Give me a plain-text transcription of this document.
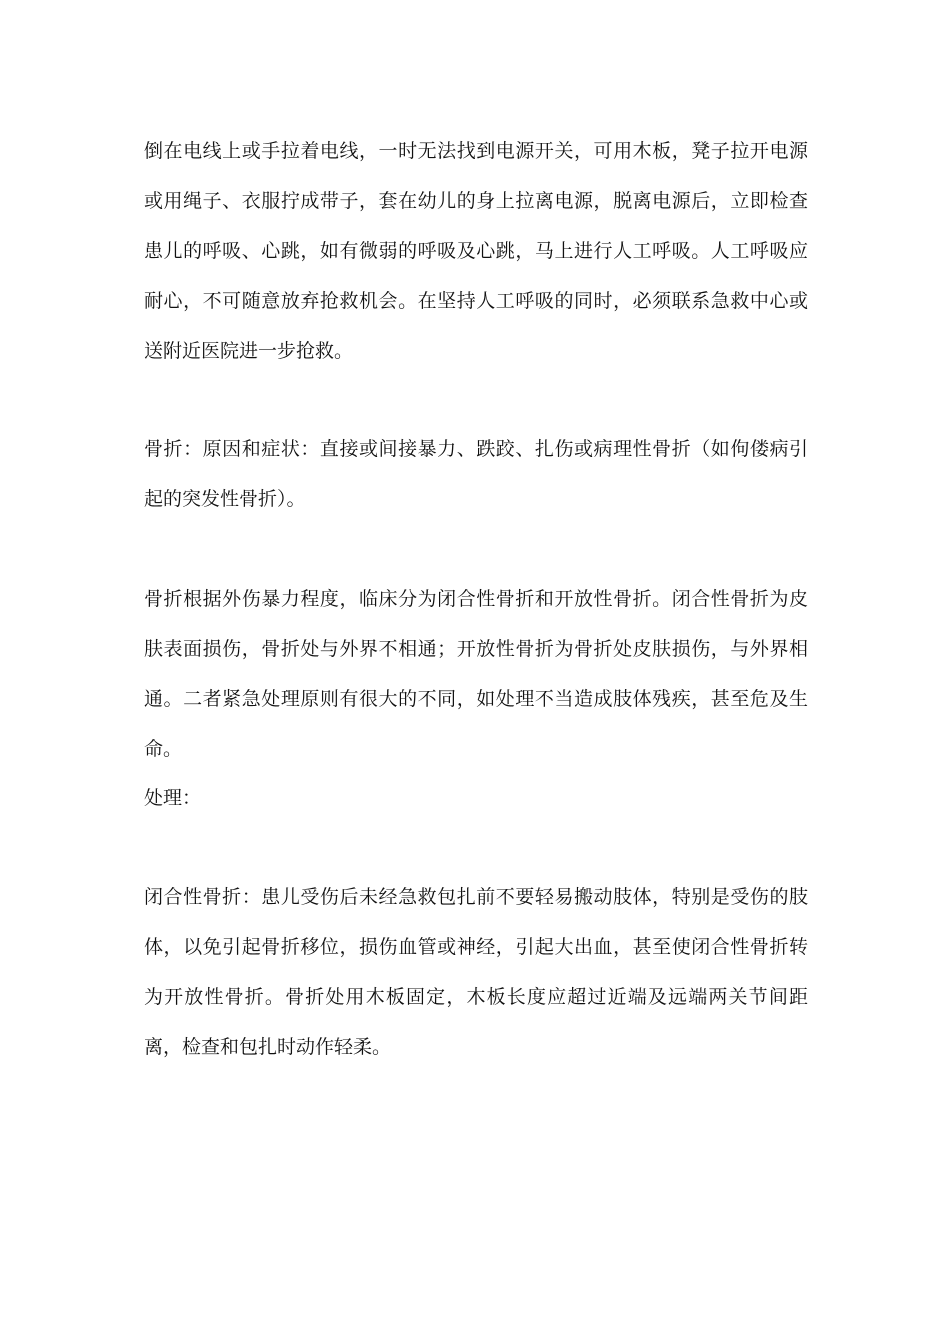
倒在电线上或手拉着电线，一时无法找到电源开关，可用木板，凳子拉开电源或用绳子、衣服拧成带子，套在幼儿的身上拉离电源，脱离电源后，立即检查患儿的呼吸、心跳，如有微弱的呼吸及心跳，马上进行人工呼吸。人工呼吸应耐心，不可随意放弃抢救机会。在坚持人工呼吸的同时，必须联系急救中心或送附近医院进一步抢救。

骨折：原因和症状：直接或间接暴力、跌跤、扎伤或病理性骨折（如佝偻病引起的突发性骨折）。

骨折根据外伤暴力程度，临床分为闭合性骨折和开放性骨折。闭合性骨折为皮肤表面损伤，骨折处与外界不相通；开放性骨折为骨折处皮肤损伤，与外界相通。二者紧急处理原则有很大的不同，如处理不当造成肢体残疾，甚至危及生命。

处理：

闭合性骨折：患儿受伤后未经急救包扎前不要轻易搬动肢体，特别是受伤的肢体，以免引起骨折移位，损伤血管或神经，引起大出血，甚至使闭合性骨折转为开放性骨折。骨折处用木板固定，木板长度应超过近端及远端两关节间距离，检查和包扎时动作轻柔。
